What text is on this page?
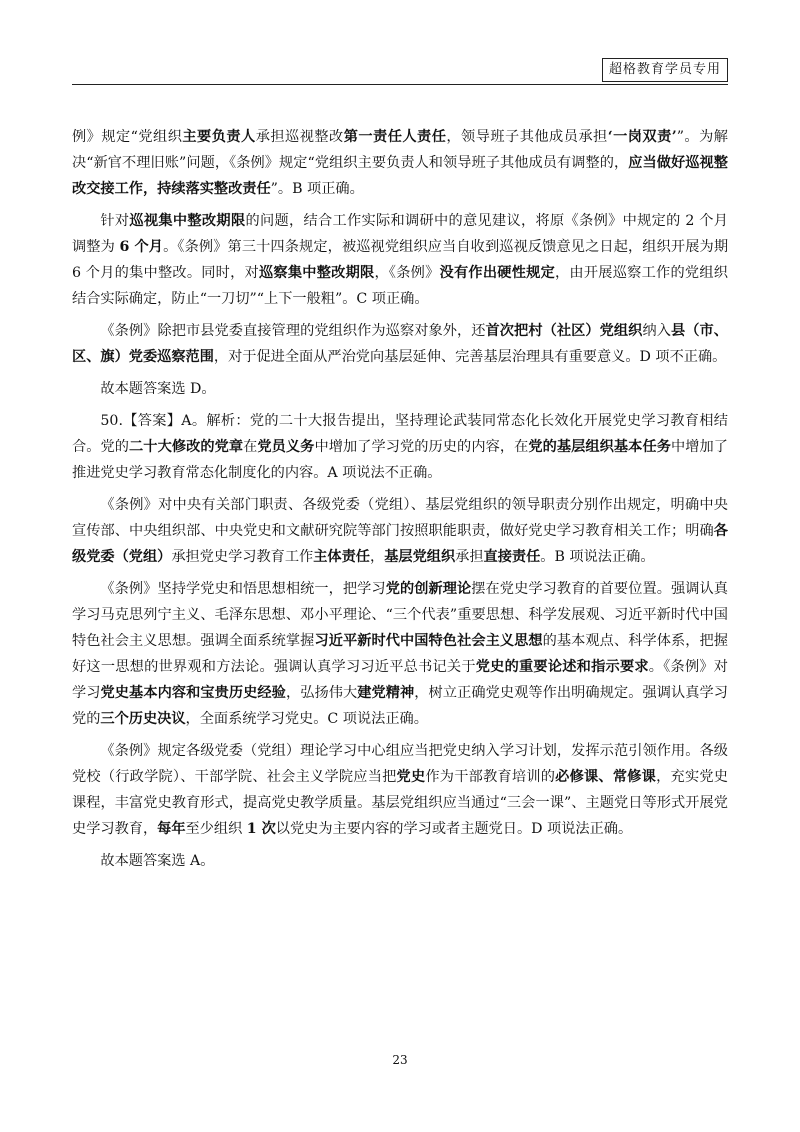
超格教育学员专用

例》规定“党组织主要负责人承担巡视整改第一责任人责任，领导班子其他成员承担‘一岗双责’”。为解决“新官不理旧账”问题，《条例》规定“党组织主要负责人和领导班子其他成员有调整的，应当做好巡视整改交接工作，持续落实整改责任”。B 项正确。

针对巡视集中整改期限的问题，结合工作实际和调研中的意见建议，将原《条例》中规定的 2 个月调整为 6 个月。《条例》第三十四条规定，被巡视党组织应当自收到巡视反馈意见之日起，组织开展为期 6 个月的集中整改。同时，对巡察集中整改期限，《条例》没有作出硬性规定，由开展巡察工作的党组织结合实际确定，防止“一刀切”“上下一般粗”。C 项正确。

《条例》除把市县党委直接管理的党组织作为巡察对象外，还首次把村（社区）党组织纳入县（市、区、旗）党委巡察范围，对于促进全面从严治党向基层延伸、完善基层治理具有重要意义。D 项不正确。

故本题答案选 D。

50.【答案】A。解析：党的二十大报告提出，坚持理论武装同常态化长效化开展党史学习教育相结合。党的二十大修改的党章在党员义务中增加了学习党的历史的内容，在党的基层组织基本任务中增加了推进党史学习教育常态化制度化的内容。A 项说法不正确。

《条例》对中央有关部门职责、各级党委（党组）、基层党组织的领导职责分别作出规定，明确中央宣传部、中央组织部、中央党史和文献研究院等部门按照职能职责，做好党史学习教育相关工作；明确各级党委（党组）承担党史学习教育工作主体责任，基层党组织承担直接责任。B 项说法正确。

《条例》坚持学党史和悟思想相统一，把学习党的创新理论摆在党史学习教育的首要位置。强调认真学习马克思列宁主义、毛泽东思想、邓小平理论、“三个代表”重要思想、科学发展观、习近平新时代中国特色社会主义思想。强调全面系统掌握习近平新时代中国特色社会主义思想的基本观点、科学体系，把握好这一思想的世界观和方法论。强调认真学习习近平总书记关于党史的重要论述和指示要求。《条例》对学习党史基本内容和宝贵历史经验，弘扬伟大建党精神，树立正确党史观等作出明确规定。强调认真学习党的三个历史决议，全面系统学习党史。C 项说法正确。

《条例》规定各级党委（党组）理论学习中心组应当把党史纳入学习计划，发挥示范引领作用。各级党校（行政学院）、干部学院、社会主义学院应当把党史作为干部教育培训的必修课、常修课，充实党史课程，丰富党史教育形式，提高党史教学质量。基层党组织应当通过“三会一课”、主题党日等形式开展党史学习教育，每年至少组织 1 次以党史为主要内容的学习或者主题党日。D 项说法正确。

故本题答案选 A。

23
